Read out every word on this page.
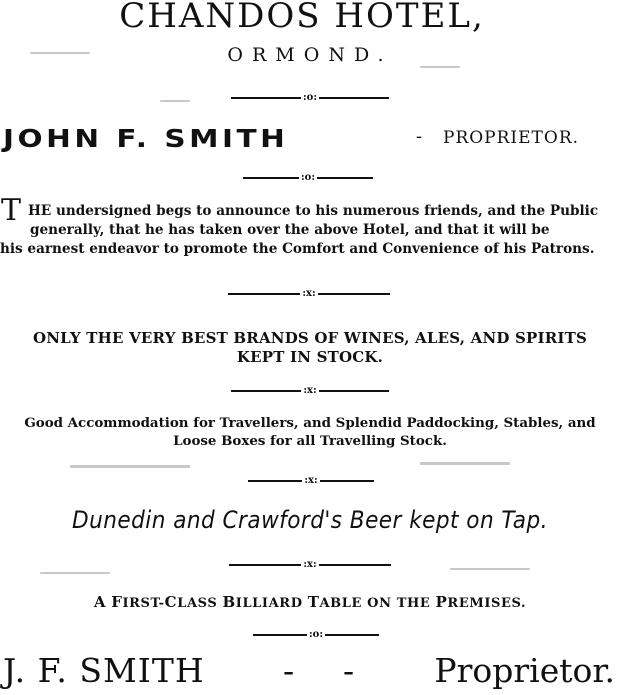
CHANDOS HOTEL,
ORMOND.
:o:
JOHN F. SMITH	- PROPRIETOR.
:o:
T HE undersigned begs to announce to his numerous friends, and the Public
generally, that he has taken over the above Hotel, and that it will be
his earnest endeavor to promote the Comfort and Convenience of his Patrons.
:x:
ONLY THE VERY BEST BRANDS OF WINES, ALES, AND SPIRITS
KEPT IN STOCK.
:x:
Good Accommodation for Travellers, and Splendid Paddocking, Stables, and
Loose Boxes for all Travelling Stock.
:x:
Dunedin and Crawford's Beer kept on Tap.
:x:
A FIRST-CLASS BILLIARD TABLE ON THE PREMISES.
:o:
J. F. SMITH - - Proprietor.
